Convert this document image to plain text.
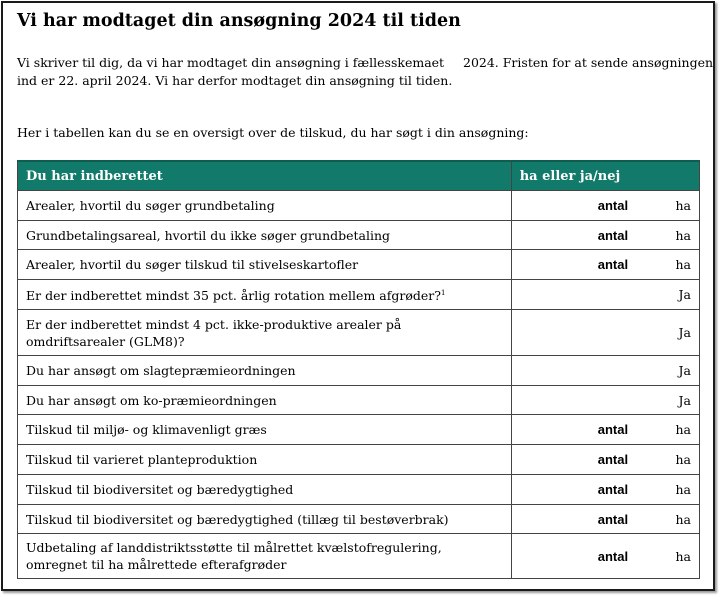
Vi har modtaget din ansøgning 2024 til tiden
Vi skriver til dig, da vi har modtaget din ansøgning i fællesskemaet 2024. Fristen for at sende ansøgningen
ind er 22. april 2024. Vi har derfor modtaget din ansøgning til tiden.
Her i tabellen kan du se en oversigt over de tilskud, du har søgt i din ansøgning:
Du har indberettet	ha eller ja/nej
Arealer, hvortil du søger grundbetaling	antal ha

Grundbetalingsareal, hvortil du ikke søger grundbetaling	antal ha

Arealer, hvortil du søger tilskud til stivelseskartofler	antal ha

Er der indberettet mindst 35 pct. årlig rotation mellem afgrøder?$^1$	Ja
Er der indberettet mindst 4 pct. ikke-produktive arealer på omdriftsarealer (GLM8)?	Ja
Du har ansøgt om slagtepræmieordningen	Ja
Du har ansøgt om ko-præmieordningen	Ja
Tilskud til miljø- og klimavenligt græs	antal ha

Tilskud til varieret planteproduktion	antal ha

Tilskud til biodiversitet og bæredygtighed	antal ha

Tilskud til biodiversitet og bæredygtighed (tillæg til bestøverbrak)	antal ha

Udbetaling af landdistriktsstøtte til målrettet kvælstofregulering, omregnet til ha målrettede efterafgrøder	antal ha
